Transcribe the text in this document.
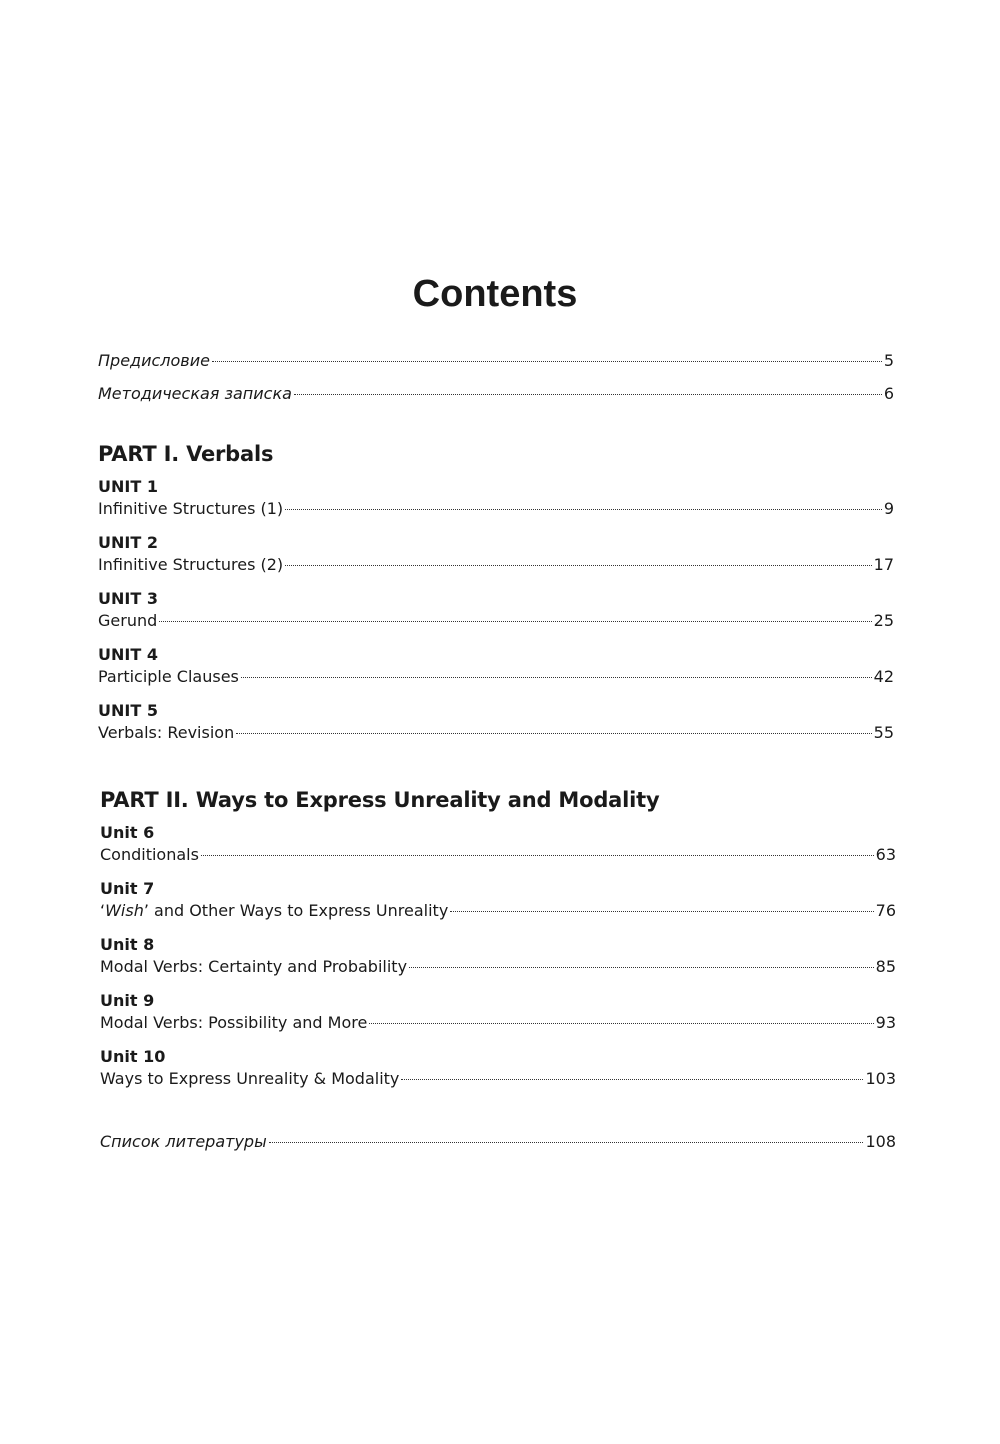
Contents
Предисловие	5
Методическая записка	6
PART I. Verbals
UNIT 1
Infinitive Structures (1)	9
UNIT 2
Infinitive Structures (2)	17
UNIT 3
Gerund	25
UNIT 4
Participle Clauses	42
UNIT 5
Verbals: Revision	55
PART II. Ways to Express Unreality and Modality
Unit 6
Conditionals	63
Unit 7
‘Wish’ and Other Ways to Express Unreality	76
Unit 8
Modal Verbs: Certainty and Probability	85
Unit 9
Modal Verbs: Possibility and More	93
Unit 10
Ways to Express Unreality & Modality	103
Список литературы	108
